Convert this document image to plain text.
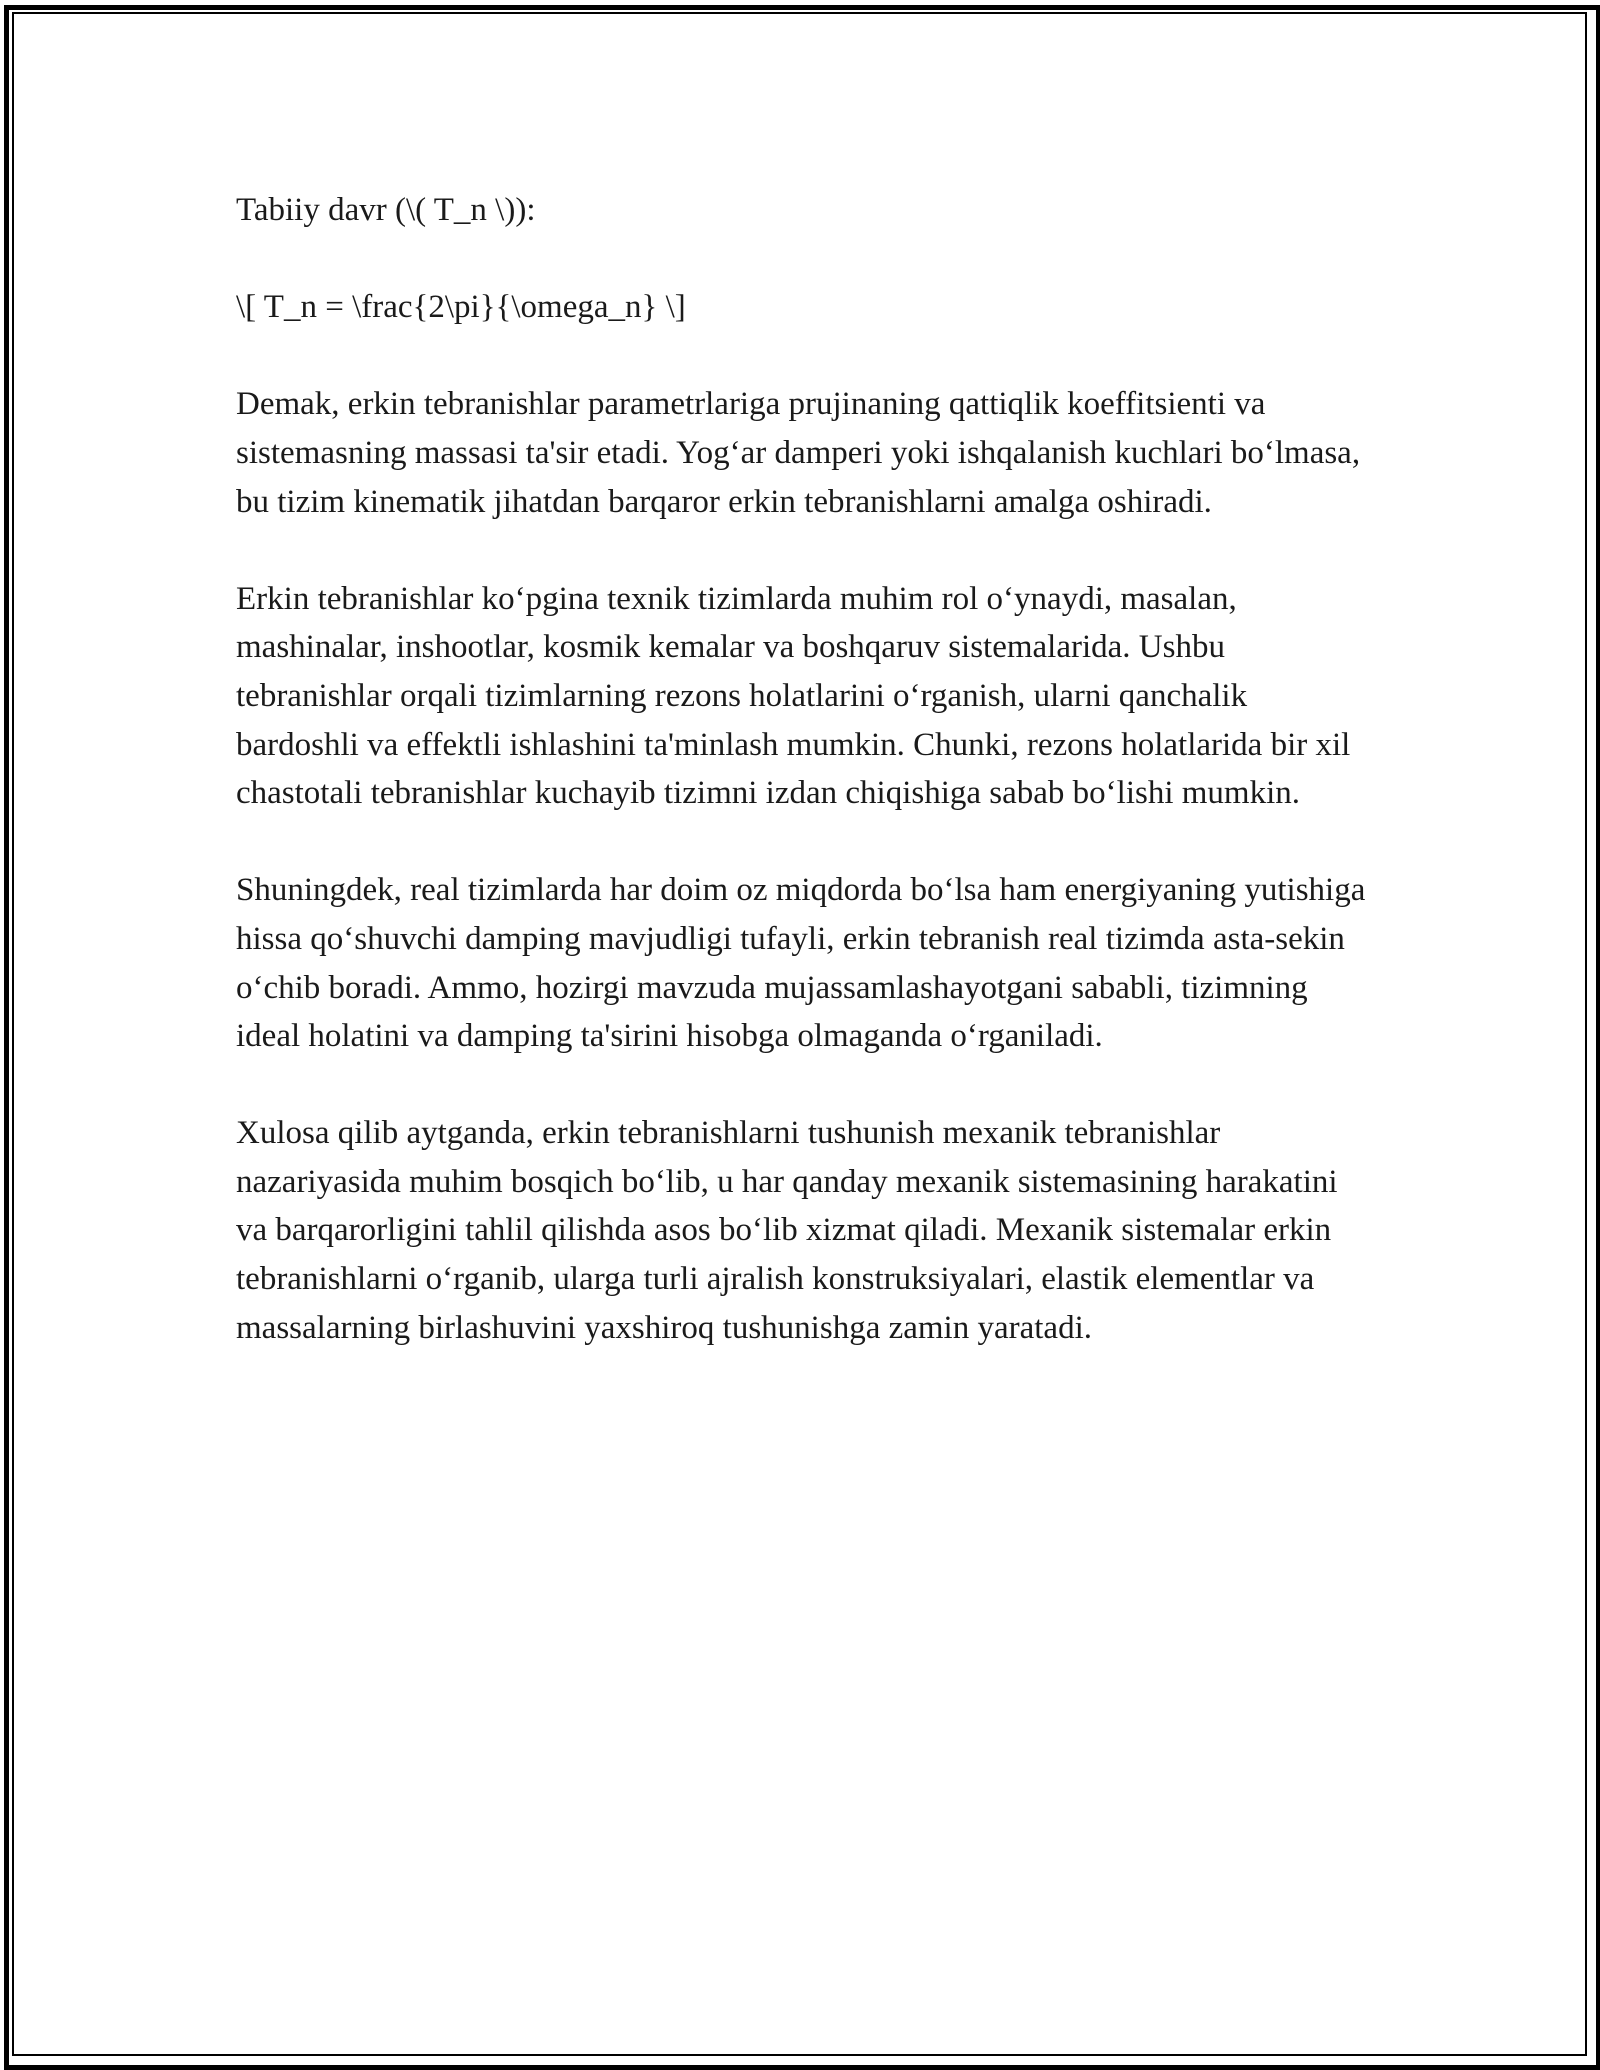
Tabiiy davr (\( T_n \)):

\[ T_n = \frac{2\pi}{\omega_n} \]

Demak, erkin tebranishlar parametrlariga prujinaning qattiqlik koeffitsienti va sistemasning massasi ta'sir etadi. Yog‘ar damperi yoki ishqalanish kuchlari bo‘lmasa, bu tizim kinematik jihatdan barqaror erkin tebranishlarni amalga oshiradi.

Erkin tebranishlar ko‘pgina texnik tizimlarda muhim rol o‘ynaydi, masalan, mashinalar, inshootlar, kosmik kemalar va boshqaruv sistemalarida. Ushbu tebranishlar orqali tizimlarning rezons holatlarini o‘rganish, ularni qanchalik bardoshli va effektli ishlashini ta'minlash mumkin. Chunki, rezons holatlarida bir xil chastotali tebranishlar kuchayib tizimni izdan chiqishiga sabab bo‘lishi mumkin.

Shuningdek, real tizimlarda har doim oz miqdorda bo‘lsa ham energiyaning yutishiga hissa qo‘shuvchi damping mavjudligi tufayli, erkin tebranish real tizimda asta-sekin o‘chib boradi. Ammo, hozirgi mavzuda mujassamlashayotgani sababli, tizimning ideal holatini va damping ta'sirini hisobga olmaganda o‘rganiladi.

Xulosa qilib aytganda, erkin tebranishlarni tushunish mexanik tebranishlar nazariyasida muhim bosqich bo‘lib, u har qanday mexanik sistemasining harakatini va barqarorligini tahlil qilishda asos bo‘lib xizmat qiladi. Mexanik sistemalar erkin tebranishlarni o‘rganib, ularga turli ajralish konstruksiyalari, elastik elementlar va massalarning birlashuvini yaxshiroq tushunishga zamin yaratadi.
